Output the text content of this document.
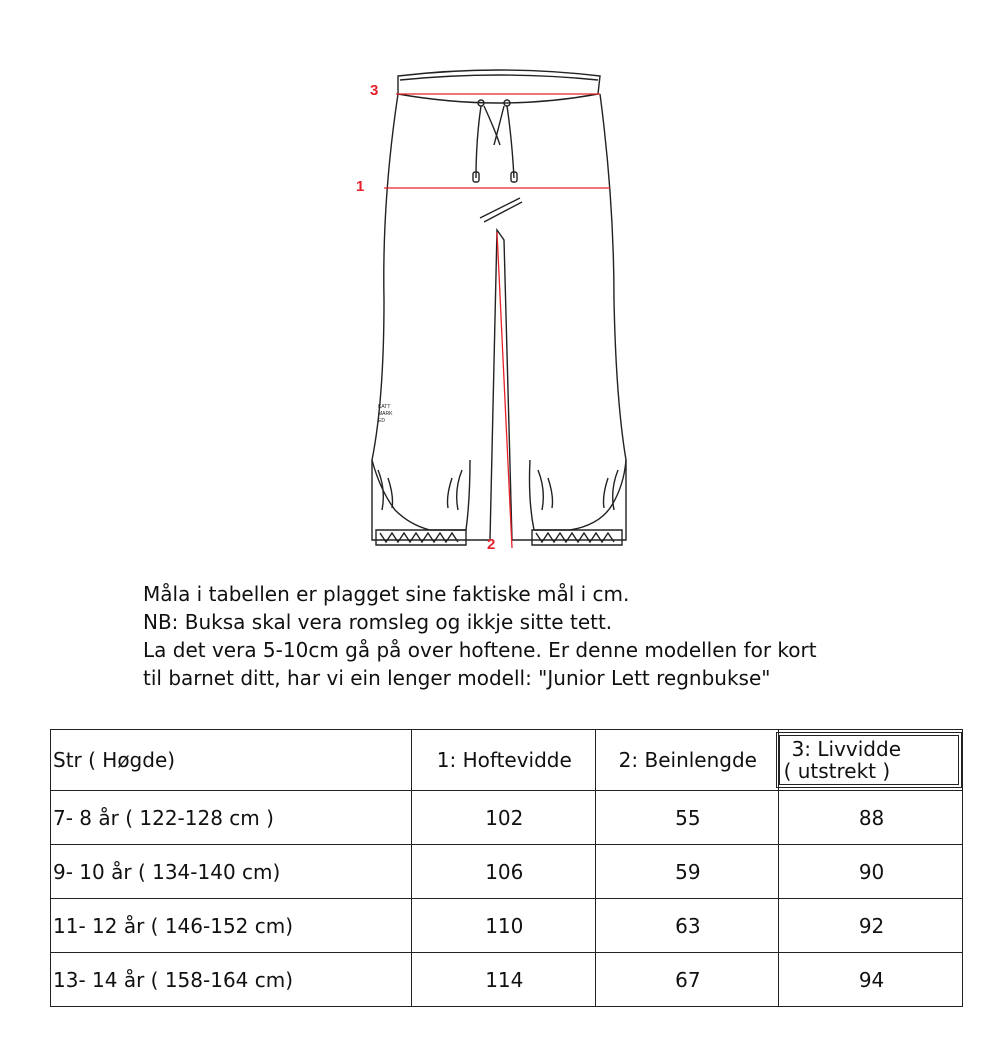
KATT
MARK
ED
3
1
2

Måla i tabellen er plagget sine faktiske mål i cm.

NB: Buksa skal vera romsleg og ikkje sitte tett.

La det vera 5-10cm gå på over hoftene. Er denne modellen for kort

til barnet ditt, har vi ein lenger modell: "Junior Lett regnbukse"

Str ( Høgde)	1: Hoftevidde	2: Beinlengde	3: Livvidde
( utstrekt )

7- 8 år ( 122-128 cm )	102	55	88
9- 10 år ( 134-140 cm)	106	59	90
11- 12 år ( 146-152 cm)	110	63	92
13- 14 år ( 158-164 cm)	114	67	94
